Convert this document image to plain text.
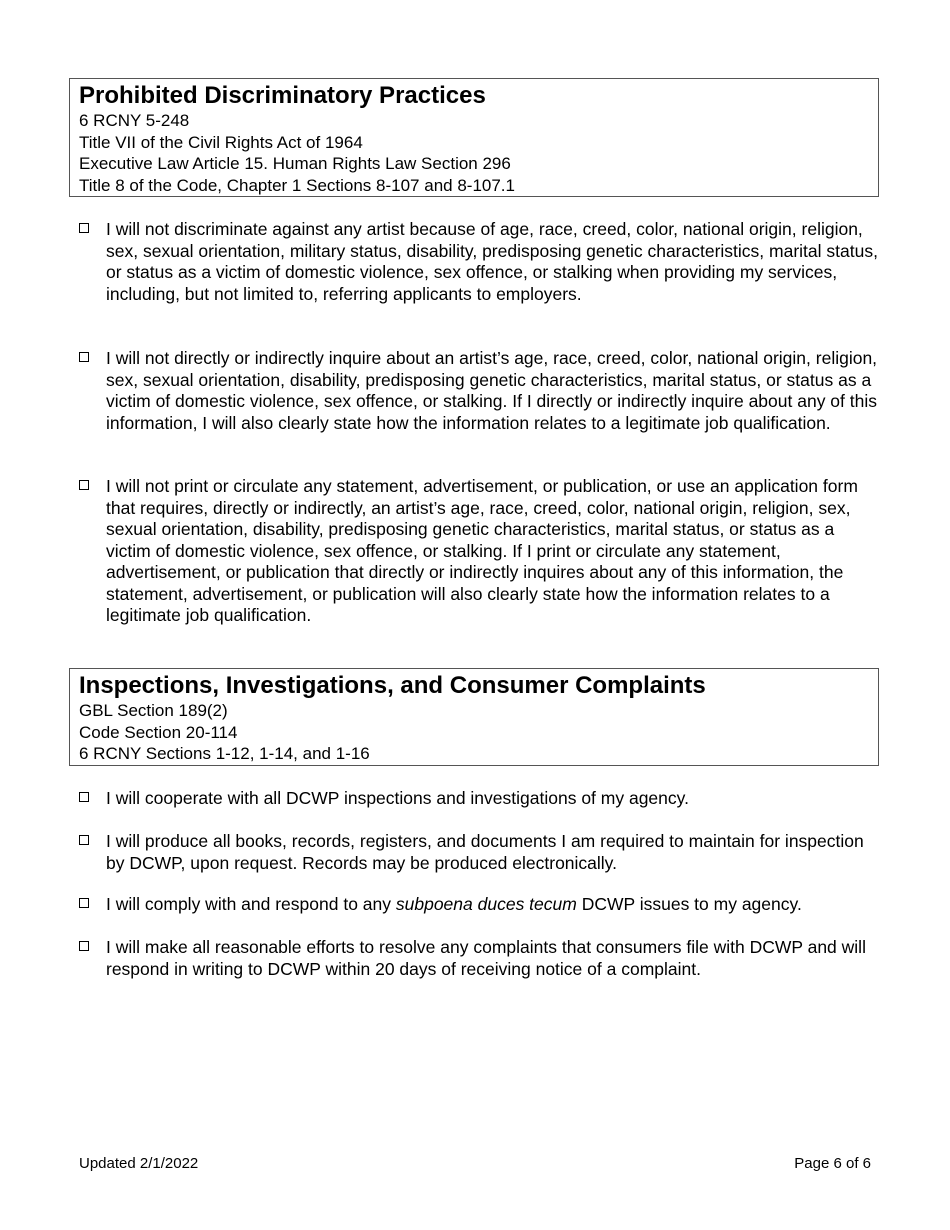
Prohibited Discriminatory Practices
6 RCNY 5-248
Title VII of the Civil Rights Act of 1964
Executive Law Article 15. Human Rights Law Section 296
Title 8 of the Code, Chapter 1 Sections 8-107 and 8-107.1
I will not discriminate against any artist because of age, race, creed, color, national origin, religion, sex, sexual orientation, military status, disability, predisposing genetic characteristics, marital status, or status as a victim of domestic violence, sex offence, or stalking when providing my services, including, but not limited to, referring applicants to employers.
I will not directly or indirectly inquire about an artist’s age, race, creed, color, national origin, religion, sex, sexual orientation, disability, predisposing genetic characteristics, marital status, or status as a victim of domestic violence, sex offence, or stalking. If I directly or indirectly inquire about any of this information, I will also clearly state how the information relates to a legitimate job qualification.
I will not print or circulate any statement, advertisement, or publication, or use an application form that requires, directly or indirectly, an artist’s age, race, creed, color, national origin, religion, sex, sexual orientation, disability, predisposing genetic characteristics, marital status, or status as a victim of domestic violence, sex offence, or stalking. If I print or circulate any statement, advertisement, or publication that directly or indirectly inquires about any of this information, the statement, advertisement, or publication will also clearly state how the information relates to a legitimate job qualification.
Inspections, Investigations, and Consumer Complaints
GBL Section 189(2)
Code Section 20-114
6 RCNY Sections 1-12, 1-14, and 1-16
I will cooperate with all DCWP inspections and investigations of my agency.
I will produce all books, records, registers, and documents I am required to maintain for inspection by DCWP, upon request. Records may be produced electronically.
I will comply with and respond to any subpoena duces tecum DCWP issues to my agency.
I will make all reasonable efforts to resolve any complaints that consumers file with DCWP and will respond in writing to DCWP within 20 days of receiving notice of a complaint.
Updated 2/1/2022	Page 6 of 6
